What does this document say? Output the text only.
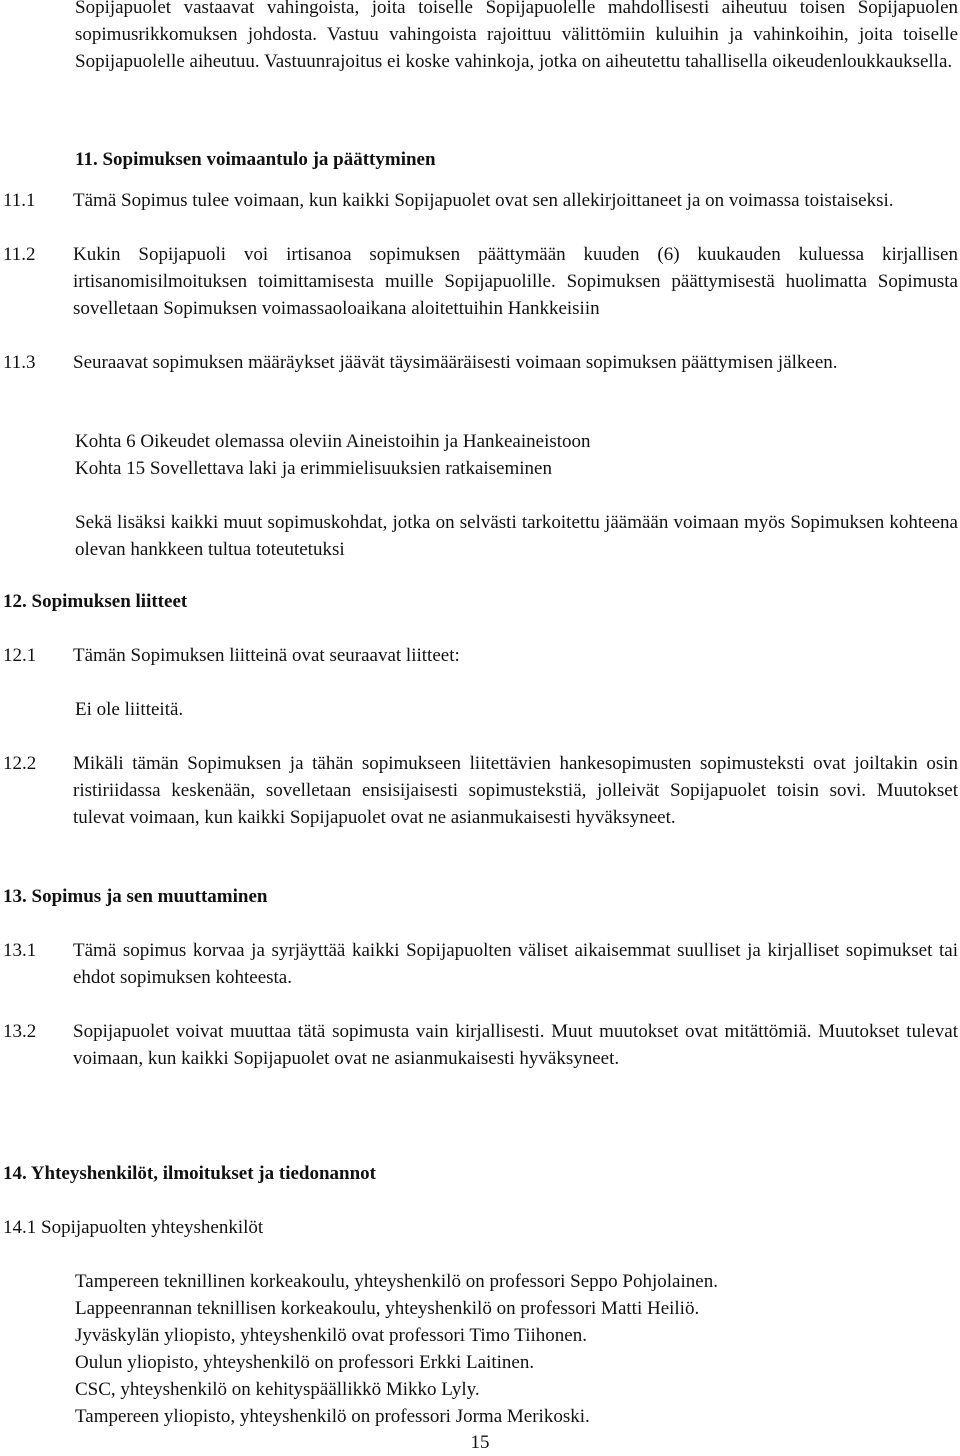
Sopijapuolet vastaavat vahingoista, joita toiselle Sopijapuolelle mahdollisesti aiheutuu toisen Sopijapuolen sopimusrikkomuksen johdosta. Vastuu vahingoista rajoittuu välittömiin kuluihin ja vahinkoihin, joita toiselle Sopijapuolelle aiheutuu. Vastuunrajoitus ei koske vahinkoja, jotka on aiheutettu tahallisella oikeudenloukkauksella.

11. Sopimuksen voimaantulo ja päättyminen
11.1 Tämä Sopimus tulee voimaan, kun kaikki Sopijapuolet ovat sen allekirjoittaneet ja on voimassa toistaiseksi.
11.2 Kukin Sopijapuoli voi irtisanoa sopimuksen päättymään kuuden (6) kuukauden kuluessa kirjallisen irtisanomisilmoituksen toimittamisesta muille Sopijapuolille. Sopimuksen päättymisestä huolimatta Sopimusta sovelletaan Sopimuksen voimassaoloaikana aloitettuihin Hankkeisiin
11.3 Seuraavat sopimuksen määräykset jäävät täysimääräisesti voimaan sopimuksen päättymisen jälkeen.
Kohta 6 Oikeudet olemassa oleviin Aineistoihin ja Hankeaineistoon
Kohta 15 Sovellettava laki ja erimmielisuuksien ratkaiseminen

Sekä lisäksi kaikki muut sopimuskohdat, jotka on selvästi tarkoitettu jäämään voimaan myös Sopimuksen kohteena olevan hankkeen tultua toteutetuksi

12. Sopimuksen liitteet
12.1 Tämän Sopimuksen liitteinä ovat seuraavat liitteet:
Ei ole liitteitä.
12.2 Mikäli tämän Sopimuksen ja tähän sopimukseen liitettävien hankesopimusten sopimusteksti ovat joiltakin osin ristiriidassa keskenään, sovelletaan ensisijaisesti sopimustekstiä, jolleivät Sopijapuolet toisin sovi. Muutokset tulevat voimaan, kun kaikki Sopijapuolet ovat ne asianmukaisesti hyväksyneet.
13. Sopimus ja sen muuttaminen
13.1 Tämä sopimus korvaa ja syrjäyttää kaikki Sopijapuolten väliset aikaisemmat suulliset ja kirjalliset sopimukset tai ehdot sopimuksen kohteesta.
13.2 Sopijapuolet voivat muuttaa tätä sopimusta vain kirjallisesti. Muut muutokset ovat mitättömiä. Muutokset tulevat voimaan, kun kaikki Sopijapuolet ovat ne asianmukaisesti hyväksyneet.
14. Yhteyshenkilöt, ilmoitukset ja tiedonannot
14.1 Sopijapuolten yhteyshenkilöt
Tampereen teknillinen korkeakoulu, yhteyshenkilö on professori Seppo Pohjolainen.
Lappeenrannan teknillisen korkeakoulu, yhteyshenkilö on professori Matti Heiliö.
Jyväskylän yliopisto, yhteyshenkilö ovat professori Timo Tiihonen.
Oulun yliopisto, yhteyshenkilö on professori Erkki Laitinen.
CSC, yhteyshenkilö on kehityspäällikkö Mikko Lyly.
Tampereen yliopisto, yhteyshenkilö on professori Jorma Merikoski.
15
